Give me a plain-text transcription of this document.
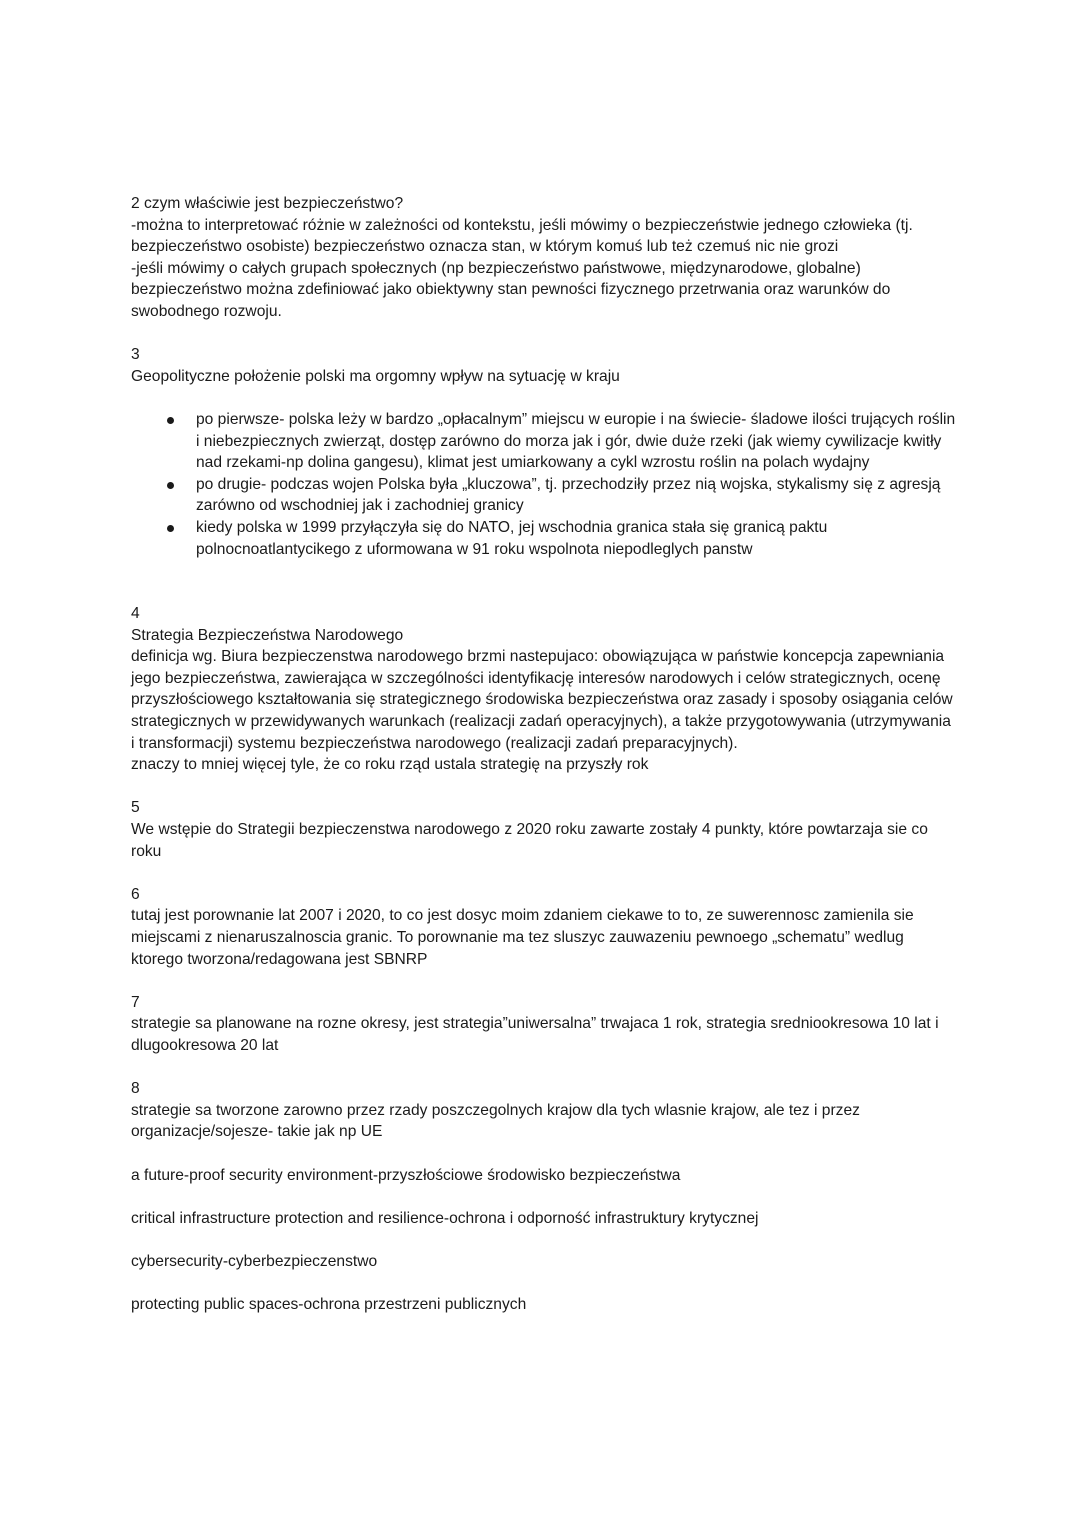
2 czym właściwie jest bezpieczeństwo?

-można to interpretować różnie w zależności od kontekstu, jeśli mówimy o bezpieczeństwie jednego człowieka (tj. bezpieczeństwo osobiste) bezpieczeństwo oznacza stan, w którym komuś lub też czemuś nic nie grozi

-jeśli mówimy o całych grupach społecznych (np bezpieczeństwo państwowe, międzynarodowe, globalne) bezpieczeństwo można zdefiniować jako obiektywny stan pewności fizycznego przetrwania oraz warunków do swobodnego rozwoju.

3

Geopolityczne położenie polski ma orgomny wpływ na sytuację w kraju

po pierwsze- polska leży w bardzo „opłacalnym” miejscu w europie i na świecie- śladowe ilości trujących roślin i niebezpiecznych zwierząt, dostęp zarówno do morza jak i gór, dwie duże rzeki (jak wiemy cywilizacje kwitły nad rzekami-np dolina gangesu), klimat jest umiarkowany a cykl wzrostu roślin na polach wydajny
po drugie- podczas wojen Polska była „kluczowa”, tj. przechodziły przez nią wojska, stykalismy się z agresją zarówno od wschodniej jak i zachodniej granicy
kiedy polska w 1999 przyłączyła się do NATO, jej wschodnia granica stała się granicą paktu polnocnoatlantycikego z uformowana w 91 roku wspolnota niepodleglych panstw

4

Strategia Bezpieczeństwa Narodowego

definicja wg. Biura bezpieczenstwa narodowego brzmi nastepujaco: obowiązująca w państwie koncepcja zapewniania jego bezpieczeństwa, zawierająca w szczególności identyfikację interesów narodowych i celów strategicznych, ocenę przyszłościowego kształtowania się strategicznego środowiska bezpieczeństwa oraz zasady i sposoby osiągania celów strategicznych w przewidywanych warunkach (realizacji zadań operacyjnych), a także przygotowywania (utrzymywania i transformacji) systemu bezpieczeństwa narodowego (realizacji zadań preparacyjnych).

znaczy to mniej więcej tyle, że co roku rząd ustala strategię na przyszły rok

5

We wstępie do Strategii bezpieczenstwa narodowego z 2020 roku zawarte zostały 4 punkty, które powtarzaja sie co roku

6

tutaj jest porownanie lat 2007 i 2020, to co jest dosyc moim zdaniem ciekawe to to, ze suwerennosc zamienila sie miejscami z nienaruszalnoscia granic. To porownanie ma tez sluszyc zauwazeniu pewnoego „schematu” wedlug ktorego tworzona/redagowana jest SBNRP

7

strategie sa planowane na rozne okresy, jest strategia”uniwersalna” trwajaca 1 rok, strategia sredniookresowa 10 lat i dlugookresowa 20 lat

8

strategie sa tworzone zarowno przez rzady poszczegolnych krajow dla tych wlasnie krajow, ale tez i przez organizacje/sojesze- takie jak np UE

a future-proof security environment-przyszłościowe środowisko bezpieczeństwa

critical infrastructure protection and resilience-ochrona i odporność infrastruktury krytycznej

cybersecurity-cyberbezpieczenstwo

protecting public spaces-ochrona przestrzeni publicznych
